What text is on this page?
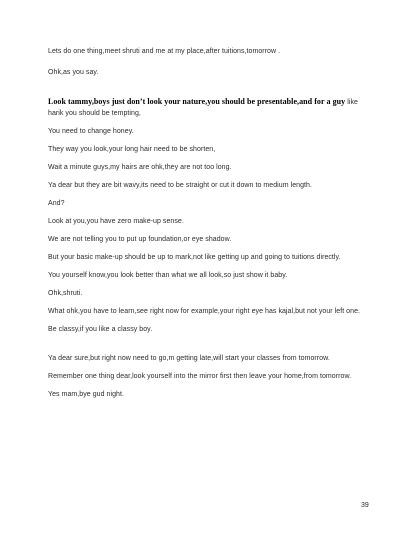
Lets do one thing,meet shruti and me at my place,after tuitions,tomorrow .

Ohk,as you say.

Look tammy,boys just don’t look your nature,you should be presentable,and for a guy like harik you should be tempting,

You need to change honey.

They way you look,your long hair need to be shorten,

Wait a minute guys,my hairs are ohk,they are not too long.

Ya dear but they are bit wavy,its need to be straight or cut it down to medium length.

And?

Look at you,you have zero make-up sense.

We are not telling you to put up foundation,or eye shadow.

But your basic make-up should be up to mark,not like getting up and going to tuitions directly.

You yourself know,you look better than what we all look,so just show it baby.

Ohk,shruti.

What ohk,you have to learn,see right now for example,your right eye has kajal,but not your left one.

Be classy,if you like a classy boy.

Ya dear sure,but right now need to go,m getting late,will start your classes from tomorrow.

Remember one thing dear,look yourself into the mirror first then leave your home,from tomorrow.

Yes mam,bye gud night.

39
